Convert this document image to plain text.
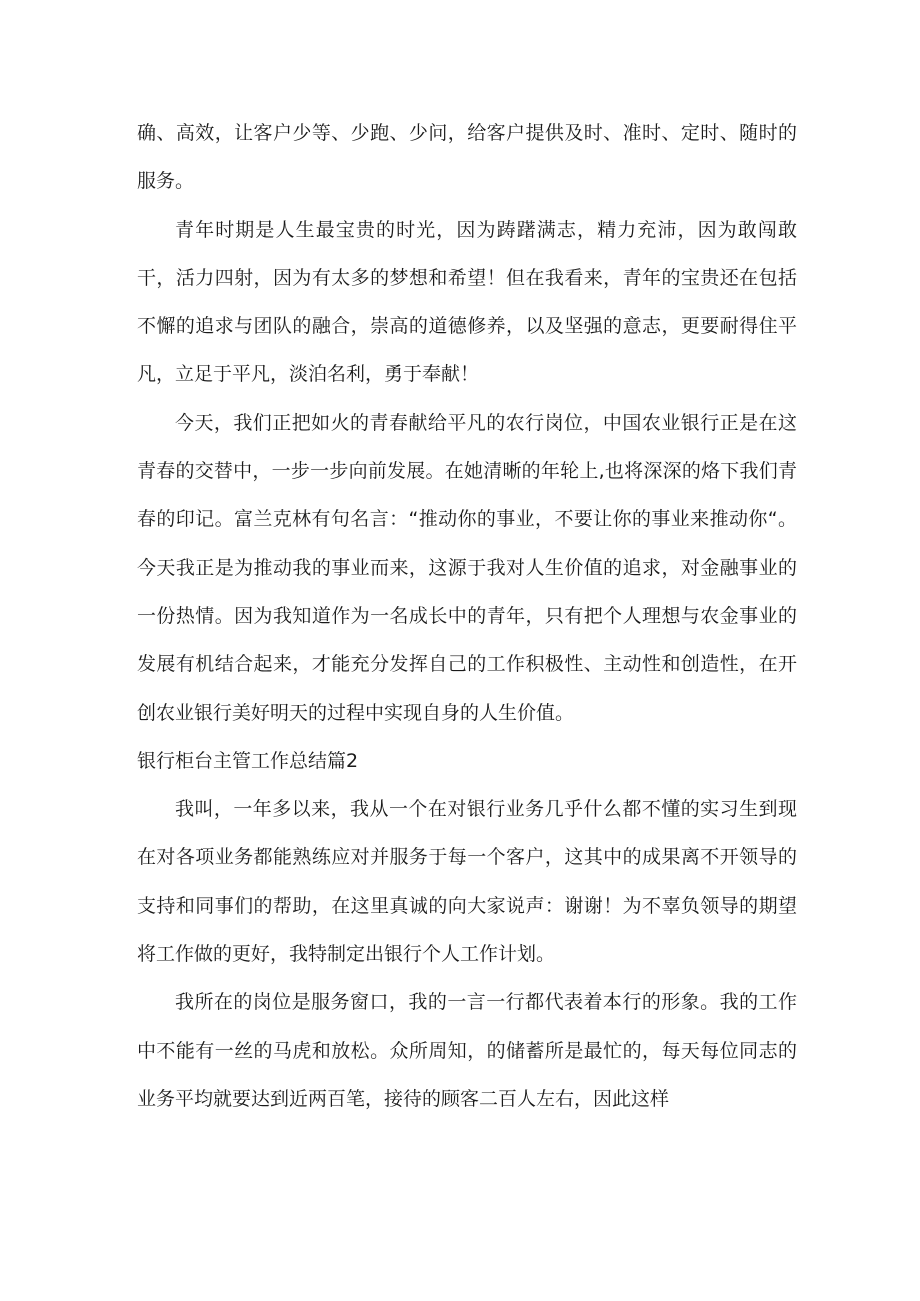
确、高效，让客户少等、少跑、少问，给客户提供及时、准时、定时、随时的服务。

青年时期是人生最宝贵的时光，因为踌躇满志，精力充沛，因为敢闯敢干，活力四射，因为有太多的梦想和希望！但在我看来，青年的宝贵还在包括不懈的追求与团队的融合，崇高的道德修养，以及坚强的意志，更要耐得住平凡，立足于平凡，淡泊名利，勇于奉献！

今天，我们正把如火的青春献给平凡的农行岗位，中国农业银行正是在这青春的交替中，一步一步向前发展。在她清晰的年轮上,也将深深的烙下我们青春的印记。富兰克林有句名言：“推动你的事业，不要让你的事业来推动你“。今天我正是为推动我的事业而来，这源于我对人生价值的追求，对金融事业的一份热情。因为我知道作为一名成长中的青年，只有把个人理想与农金事业的发展有机结合起来，才能充分发挥自己的工作积极性、主动性和创造性，在开创农业银行美好明天的过程中实现自身的人生价值。

银行柜台主管工作总结篇2

我叫，一年多以来，我从一个在对银行业务几乎什么都不懂的实习生到现在对各项业务都能熟练应对并服务于每一个客户，这其中的成果离不开领导的支持和同事们的帮助，在这里真诚的向大家说声：谢谢！为不辜负领导的期望将工作做的更好，我特制定出银行个人工作计划。

我所在的岗位是服务窗口，我的一言一行都代表着本行的形象。我的工作中不能有一丝的马虎和放松。众所周知，的储蓄所是最忙的，每天每位同志的业务平均就要达到近两百笔，接待的顾客二百人左右，因此这样
